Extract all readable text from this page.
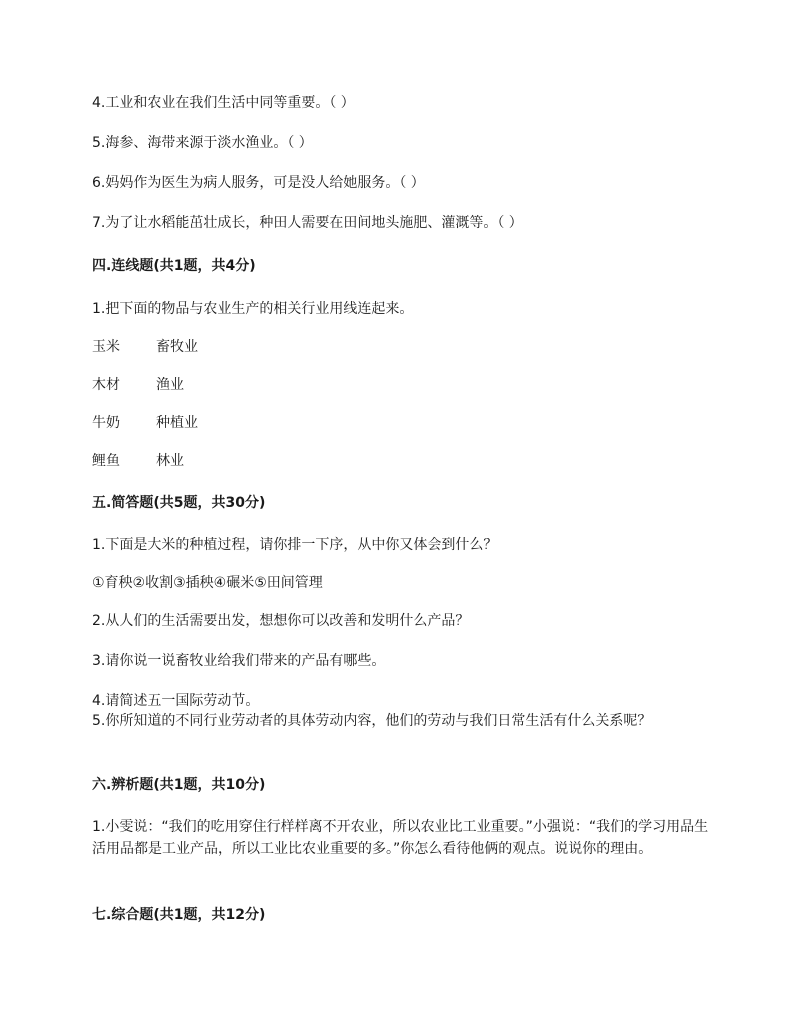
4.工业和农业在我们生活中同等重要。（ ）

5.海参、海带来源于淡水渔业。（ ）

6.妈妈作为医生为病人服务，可是没人给她服务。（ ）

7.为了让水稻能茁壮成长，种田人需要在田间地头施肥、灌溉等。（ ）

四.连线题(共1题，共4分)

1.把下面的物品与农业生产的相关行业用线连起来。

玉米	畜牧业

木材	渔业

牛奶	种植业

鲤鱼	林业

五.简答题(共5题，共30分)

1.下面是大米的种植过程，请你排一下序，从中你又体会到什么？

①育秧②收割③插秧④碾米⑤田间管理

2.从人们的生活需要出发，想想你可以改善和发明什么产品？

3.请你说一说畜牧业给我们带来的产品有哪些。

4.请简述五一国际劳动节。

5.你所知道的不同行业劳动者的具体劳动内容，他们的劳动与我们日常生活有什么关系呢？

六.辨析题(共1题，共10分)

1.小雯说：“我们的吃用穿住行样样离不开农业，所以农业比工业重要。”小强说：“我们的学习用品生活用品都是工业产品，所以工业比农业重要的多。”你怎么看待他俩的观点。说说你的理由。

七.综合题(共1题，共12分)
